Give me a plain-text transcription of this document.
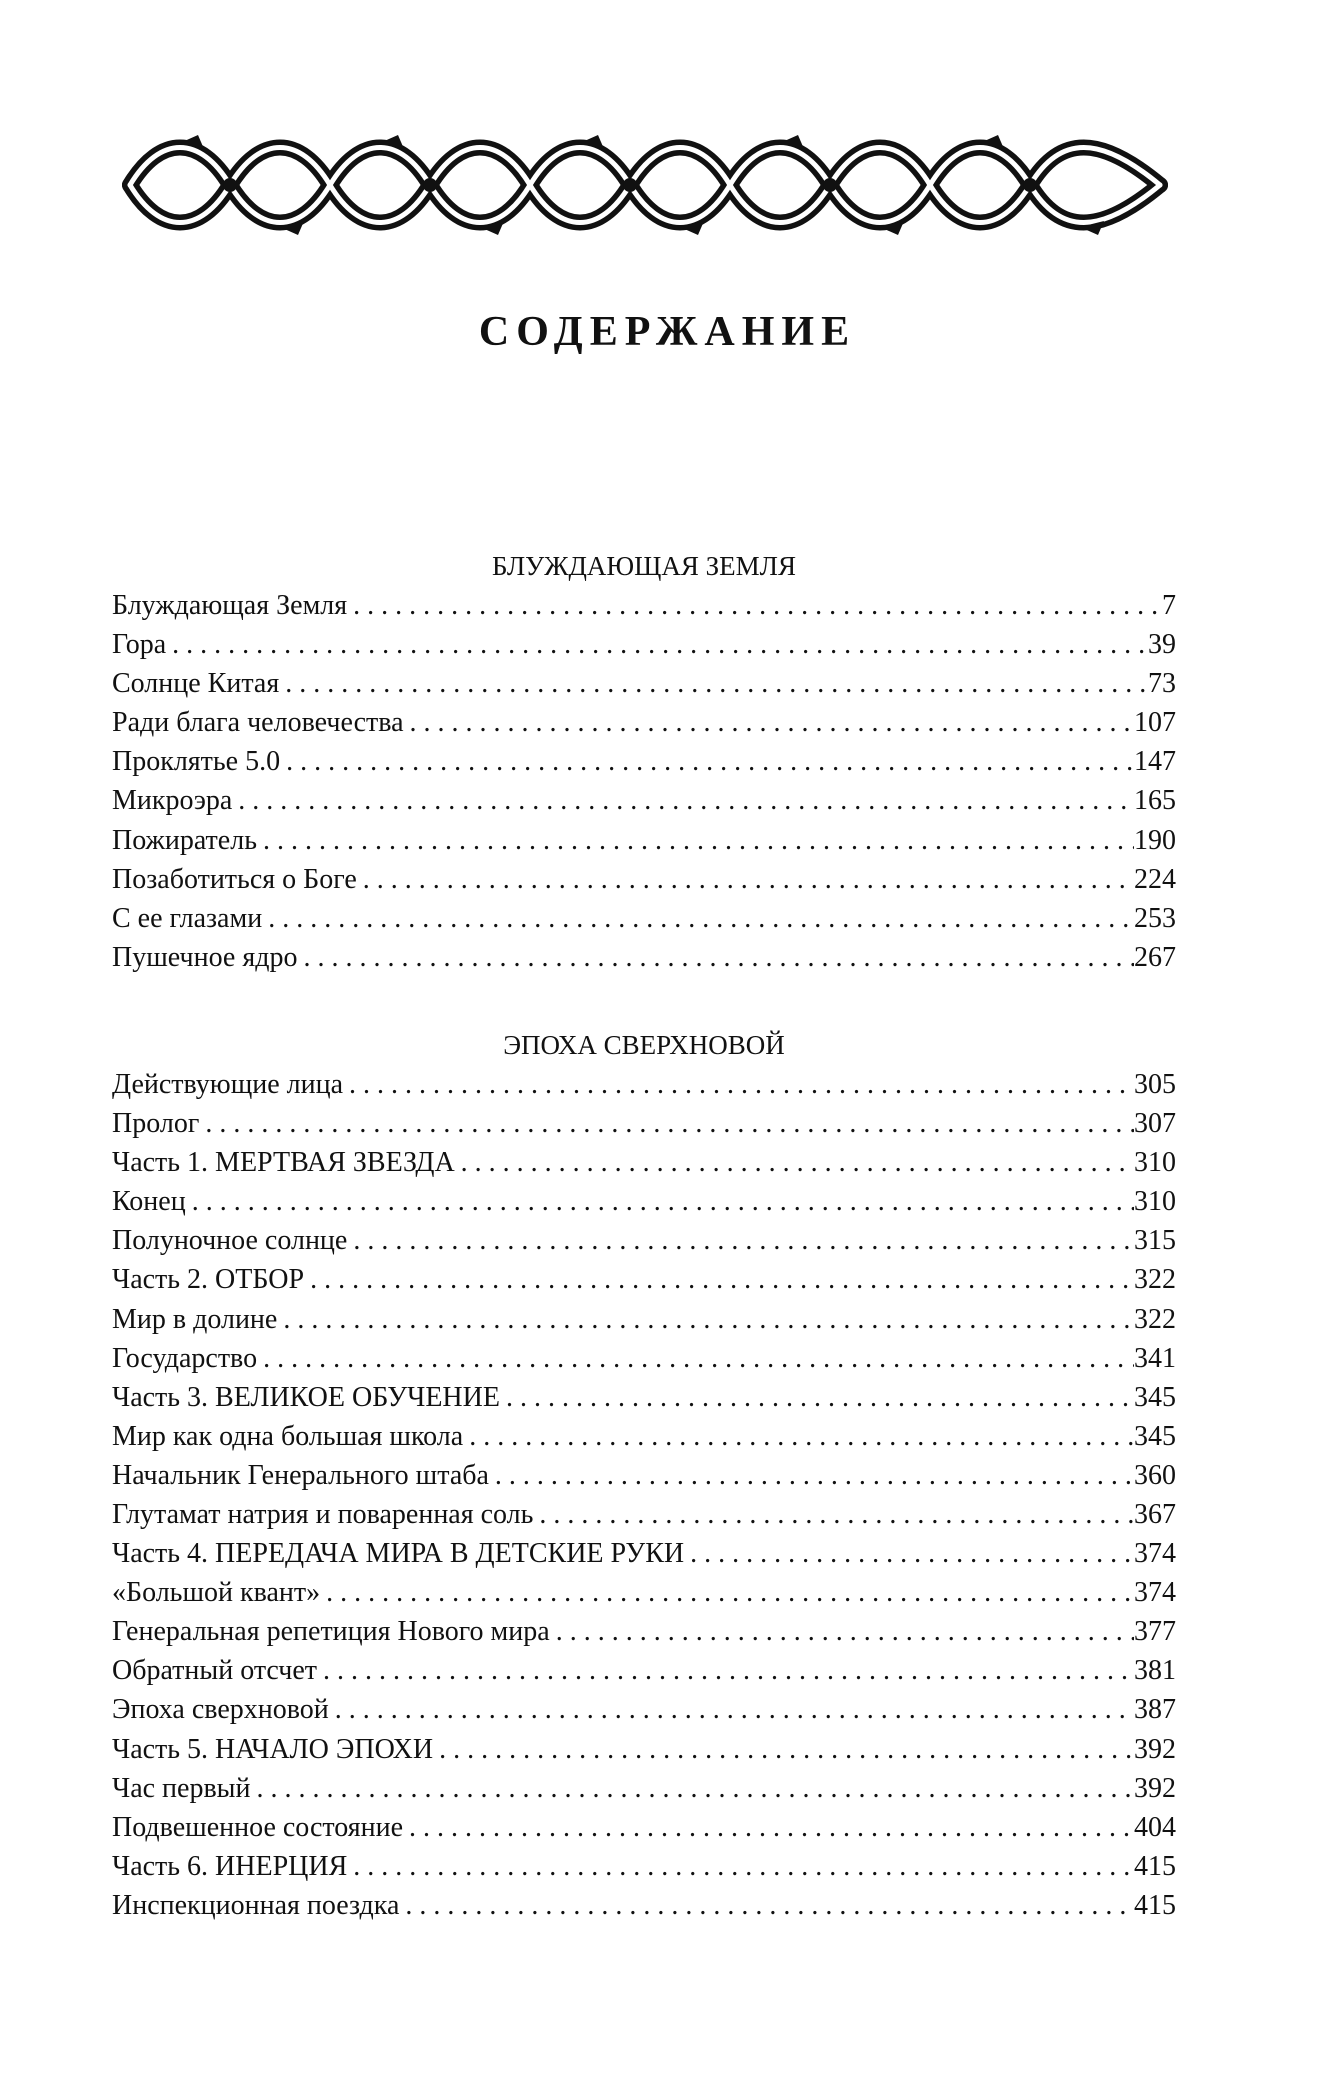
СОДЕРЖАНИЕ
БЛУЖДАЮЩАЯ ЗЕМЛЯ
Блуждающая Земля . . .	7
Гора . . .	39
Солнце Китая . . .	73
Ради блага человечества . . .	107
Проклятье 5.0 . . .	147
Микроэра . . .	165
Пожиратель . . .	190
Позаботиться о Боге . . .	224
С ее глазами . . .	253
Пушечное ядро . . .	267
ЭПОХА СВЕРХНОВОЙ
Действующие лица . . .	305
Пролог . . .	307
Часть 1. МЕРТВАЯ ЗВЕЗДА . . .	310
Конец . . .	310
Полуночное солнце . . .	315
Часть 2. ОТБОР . . .	322
Мир в долине . . .	322
Государство . . .	341
Часть 3. ВЕЛИКОЕ ОБУЧЕНИЕ . . .	345
Мир как одна большая школа . . .	345
Начальник Генерального штаба . . .	360
Глутамат натрия и поваренная соль . . .	367
Часть 4. ПЕРЕДАЧА МИРА В ДЕТСКИЕ РУКИ . . .	374
«Большой квант» . . .	374
Генеральная репетиция Нового мира . . .	377
Обратный отсчет . . .	381
Эпоха сверхновой . . .	387
Часть 5. НАЧАЛО ЭПОХИ . . .	392
Час первый . . .	392
Подвешенное состояние . . .	404
Часть 6. ИНЕРЦИЯ . . .	415
Инспекционная поездка . . .	415
